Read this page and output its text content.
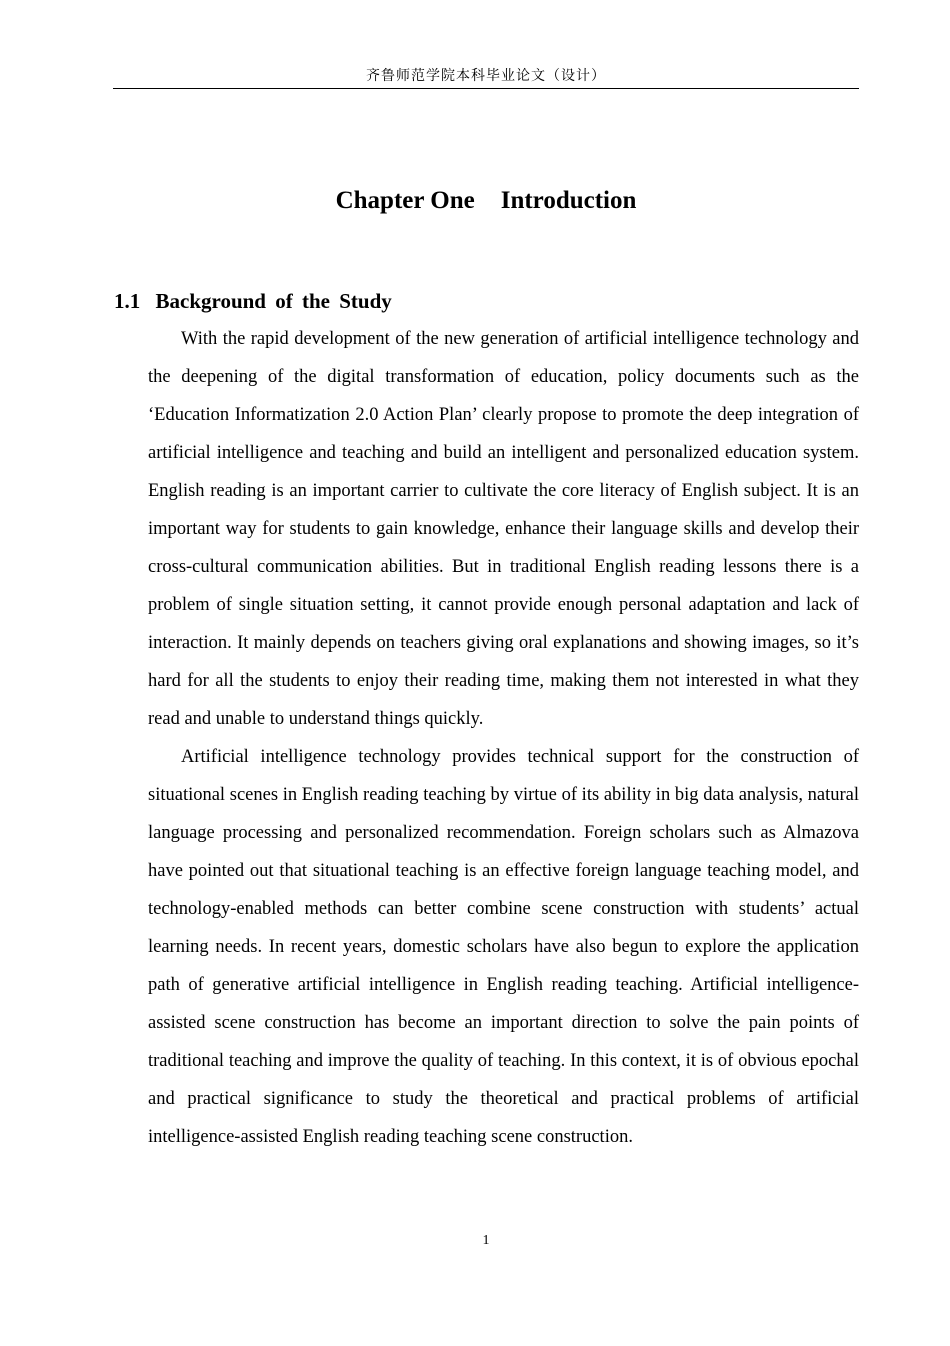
齐鲁师范学院本科毕业论文（设计）
Chapter One Introduction
1.1 Background of the Study

With the rapid development of the new generation of artificial intelligence technology and the deepening of the digital transformation of education, policy documents such as the ‘Education Informatization 2.0 Action Plan’ clearly propose to promote the deep integration of artificial intelligence and teaching and build an intelligent and personalized education system. English reading is an important carrier to cultivate the core literacy of English subject. It is an important way for students to gain knowledge, enhance their language skills and develop their cross-cultural communication abilities. But in traditional English reading lessons there is a problem of single situation setting, it cannot provide enough personal adaptation and lack of interaction. It mainly depends on teachers giving oral explanations and showing images, so it’s hard for all the students to enjoy their reading time, making them not interested in what they read and unable to understand things quickly.

Artificial intelligence technology provides technical support for the construction of situational scenes in English reading teaching by virtue of its ability in big data analysis, natural language processing and personalized recommendation. Foreign scholars such as Almazova have pointed out that situational teaching is an effective foreign language teaching model, and technology-enabled methods can better combine scene construction with students’ actual learning needs. In recent years, domestic scholars have also begun to explore the application path of generative artificial intelligence in English reading teaching. Artificial intelligence-assisted scene construction has become an important direction to solve the pain points of traditional teaching and improve the quality of teaching. In this context, it is of obvious epochal and practical significance to study the theoretical and practical problems of artificial intelligence-assisted English reading teaching scene construction.

1
